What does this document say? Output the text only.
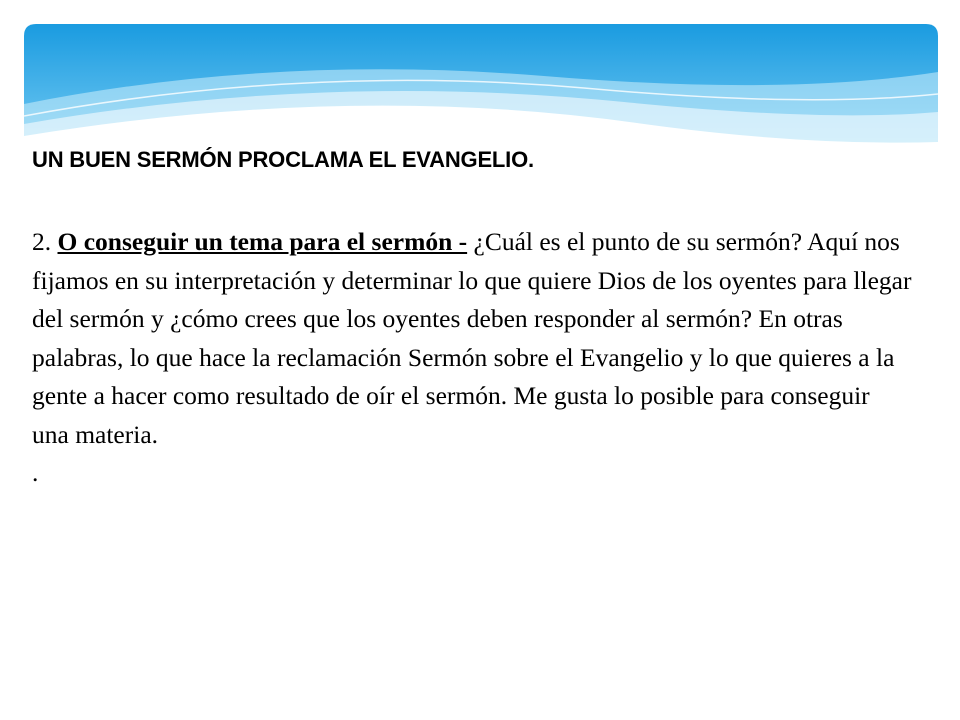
UN BUEN SERMÓN PROCLAMA EL EVANGELIO.

2. O conseguir un tema para el sermón - ¿Cuál es el punto de su sermón? Aquí nos fijamos en su interpretación y determinar lo que quiere Dios de los oyentes para llegar del sermón y ¿cómo crees que los oyentes deben responder al sermón? En otras palabras, lo que hace la reclamación Sermón sobre el Evangelio y lo que quieres a la gente a hacer como resultado de oír el sermón. Me gusta lo posible para conseguir una materia.

.
